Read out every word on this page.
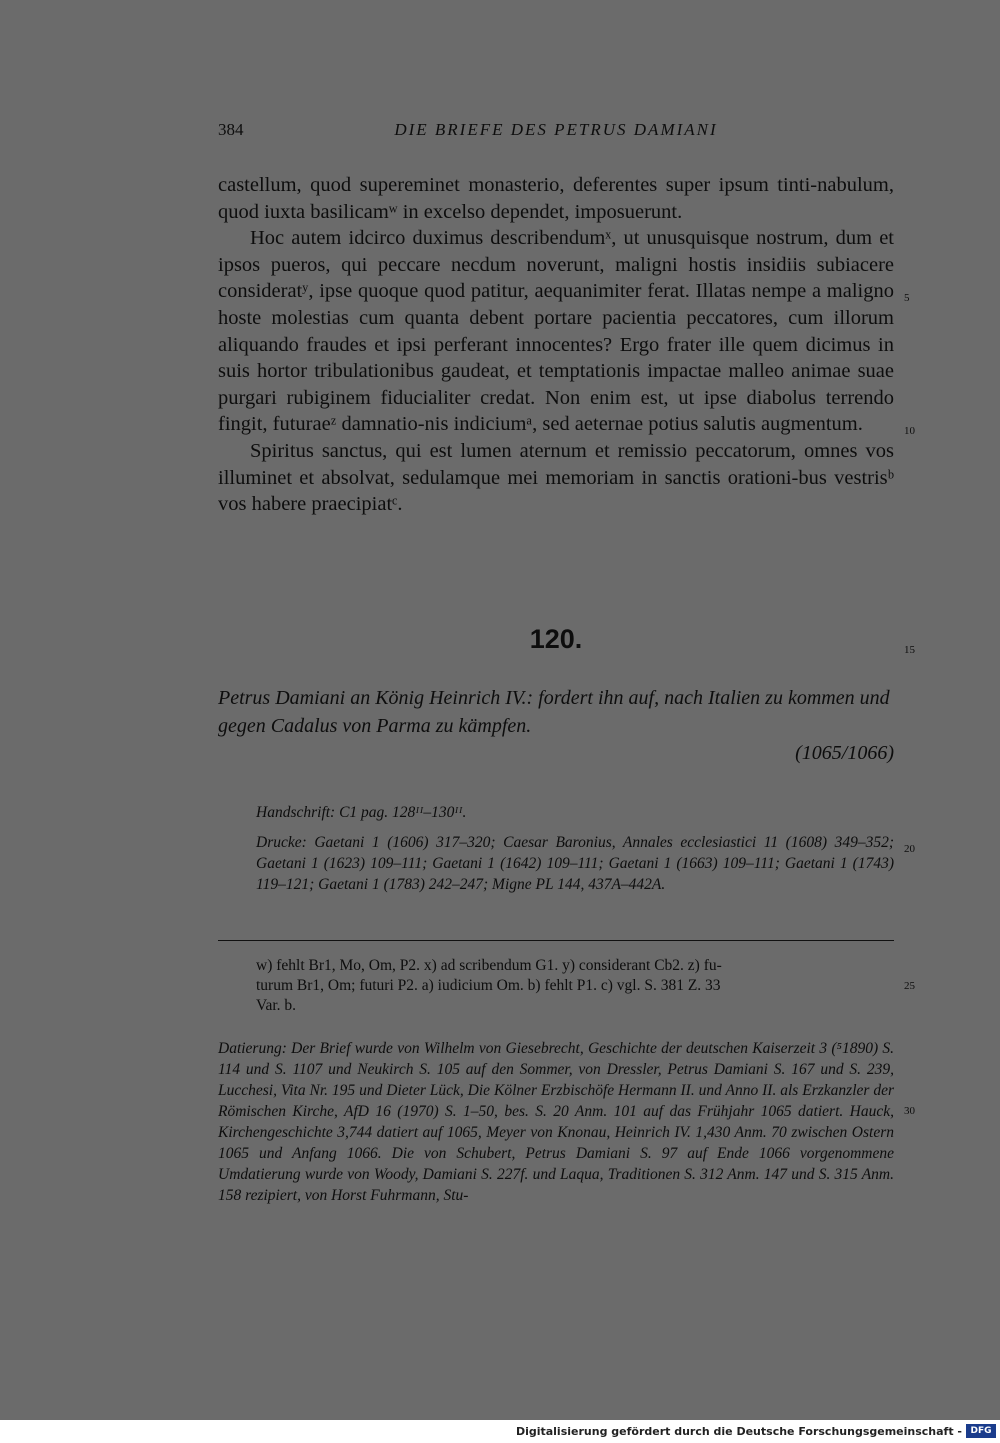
384	DIE BRIEFE DES PETRUS DAMIANI

castellum, quod supereminet monasterio, deferentes super ipsum tinti-nabulum, quod iuxta basilicamʷ in excelso dependet, imposuerunt.

Hoc autem idcirco duximus describendumˣ, ut unusquisque nostrum, dum et ipsos pueros, qui peccare necdum noverunt, maligni hostis insidiis subiacere consideratʸ, ipse quoque quod patitur, aequanimiter ferat. Illatas nempe a maligno hoste molestias cum quanta debent portare pacientia peccatores, cum illorum aliquando fraudes et ipsi perferant innocentes? Ergo frater ille quem dicimus in suis hortor tribulationibus gaudeat, et temptationis impactae malleo animae suae purgari rubiginem fiducialiter credat. Non enim est, ut ipse diabolus terrendo fingit, futuraeᶻ damnatio-nis indiciumᵃ, sed aeternae potius salutis augmentum.

Spiritus sanctus, qui est lumen aternum et remissio peccatorum, omnes vos illuminet et absolvat, sedulamque mei memoriam in sanctis orationi-bus vestrisᵇ vos habere praecipiatᶜ.

5
10
15
20
25
30
120.
Petrus Damiani an König Heinrich IV.: fordert ihn auf, nach Italien zu kommen und gegen Cadalus von Parma zu kämpfen.
(1065/1066)
Handschrift: C1 pag. 128ᴵᴵ–130ᴵᴵ.
Drucke: Gaetani 1 (1606) 317–320; Caesar Baronius, Annales ecclesiastici 11 (1608) 349–352; Gaetani 1 (1623) 109–111; Gaetani 1 (1642) 109–111; Gaetani 1 (1663) 109–111; Gaetani 1 (1743) 119–121; Gaetani 1 (1783) 242–247; Migne PL 144, 437A–442A.
w) fehlt Br1, Mo, Om, P2. x) ad scribendum G1. y) considerant Cb2. z) fu-
turum Br1, Om; futuri P2. a) iudicium Om. b) fehlt P1. c) vgl. S. 381 Z. 33
Var. b.
Datierung: Der Brief wurde von Wilhelm von Giesebrecht, Geschichte der deutschen Kaiserzeit 3 (⁵1890) S. 114 und S. 1107 und Neukirch S. 105 auf den Sommer, von Dressler, Petrus Damiani S. 167 und S. 239, Lucchesi, Vita Nr. 195 und Dieter Lück, Die Kölner Erzbischöfe Hermann II. und Anno II. als Erzkanzler der Römischen Kirche, AfD 16 (1970) S. 1–50, bes. S. 20 Anm. 101 auf das Frühjahr 1065 datiert. Hauck, Kirchengeschichte 3,744 datiert auf 1065, Meyer von Knonau, Heinrich IV. 1,430 Anm. 70 zwischen Ostern 1065 und Anfang 1066. Die von Schubert, Petrus Damiani S. 97 auf Ende 1066 vorgenommene Umdatierung wurde von Woody, Damiani S. 227f. und Laqua, Traditionen S. 312 Anm. 147 und S. 315 Anm. 158 rezipiert, von Horst Fuhrmann, Stu-
Digitalisierung gefördert durch die Deutsche Forschungsgemeinschaft - DFG
